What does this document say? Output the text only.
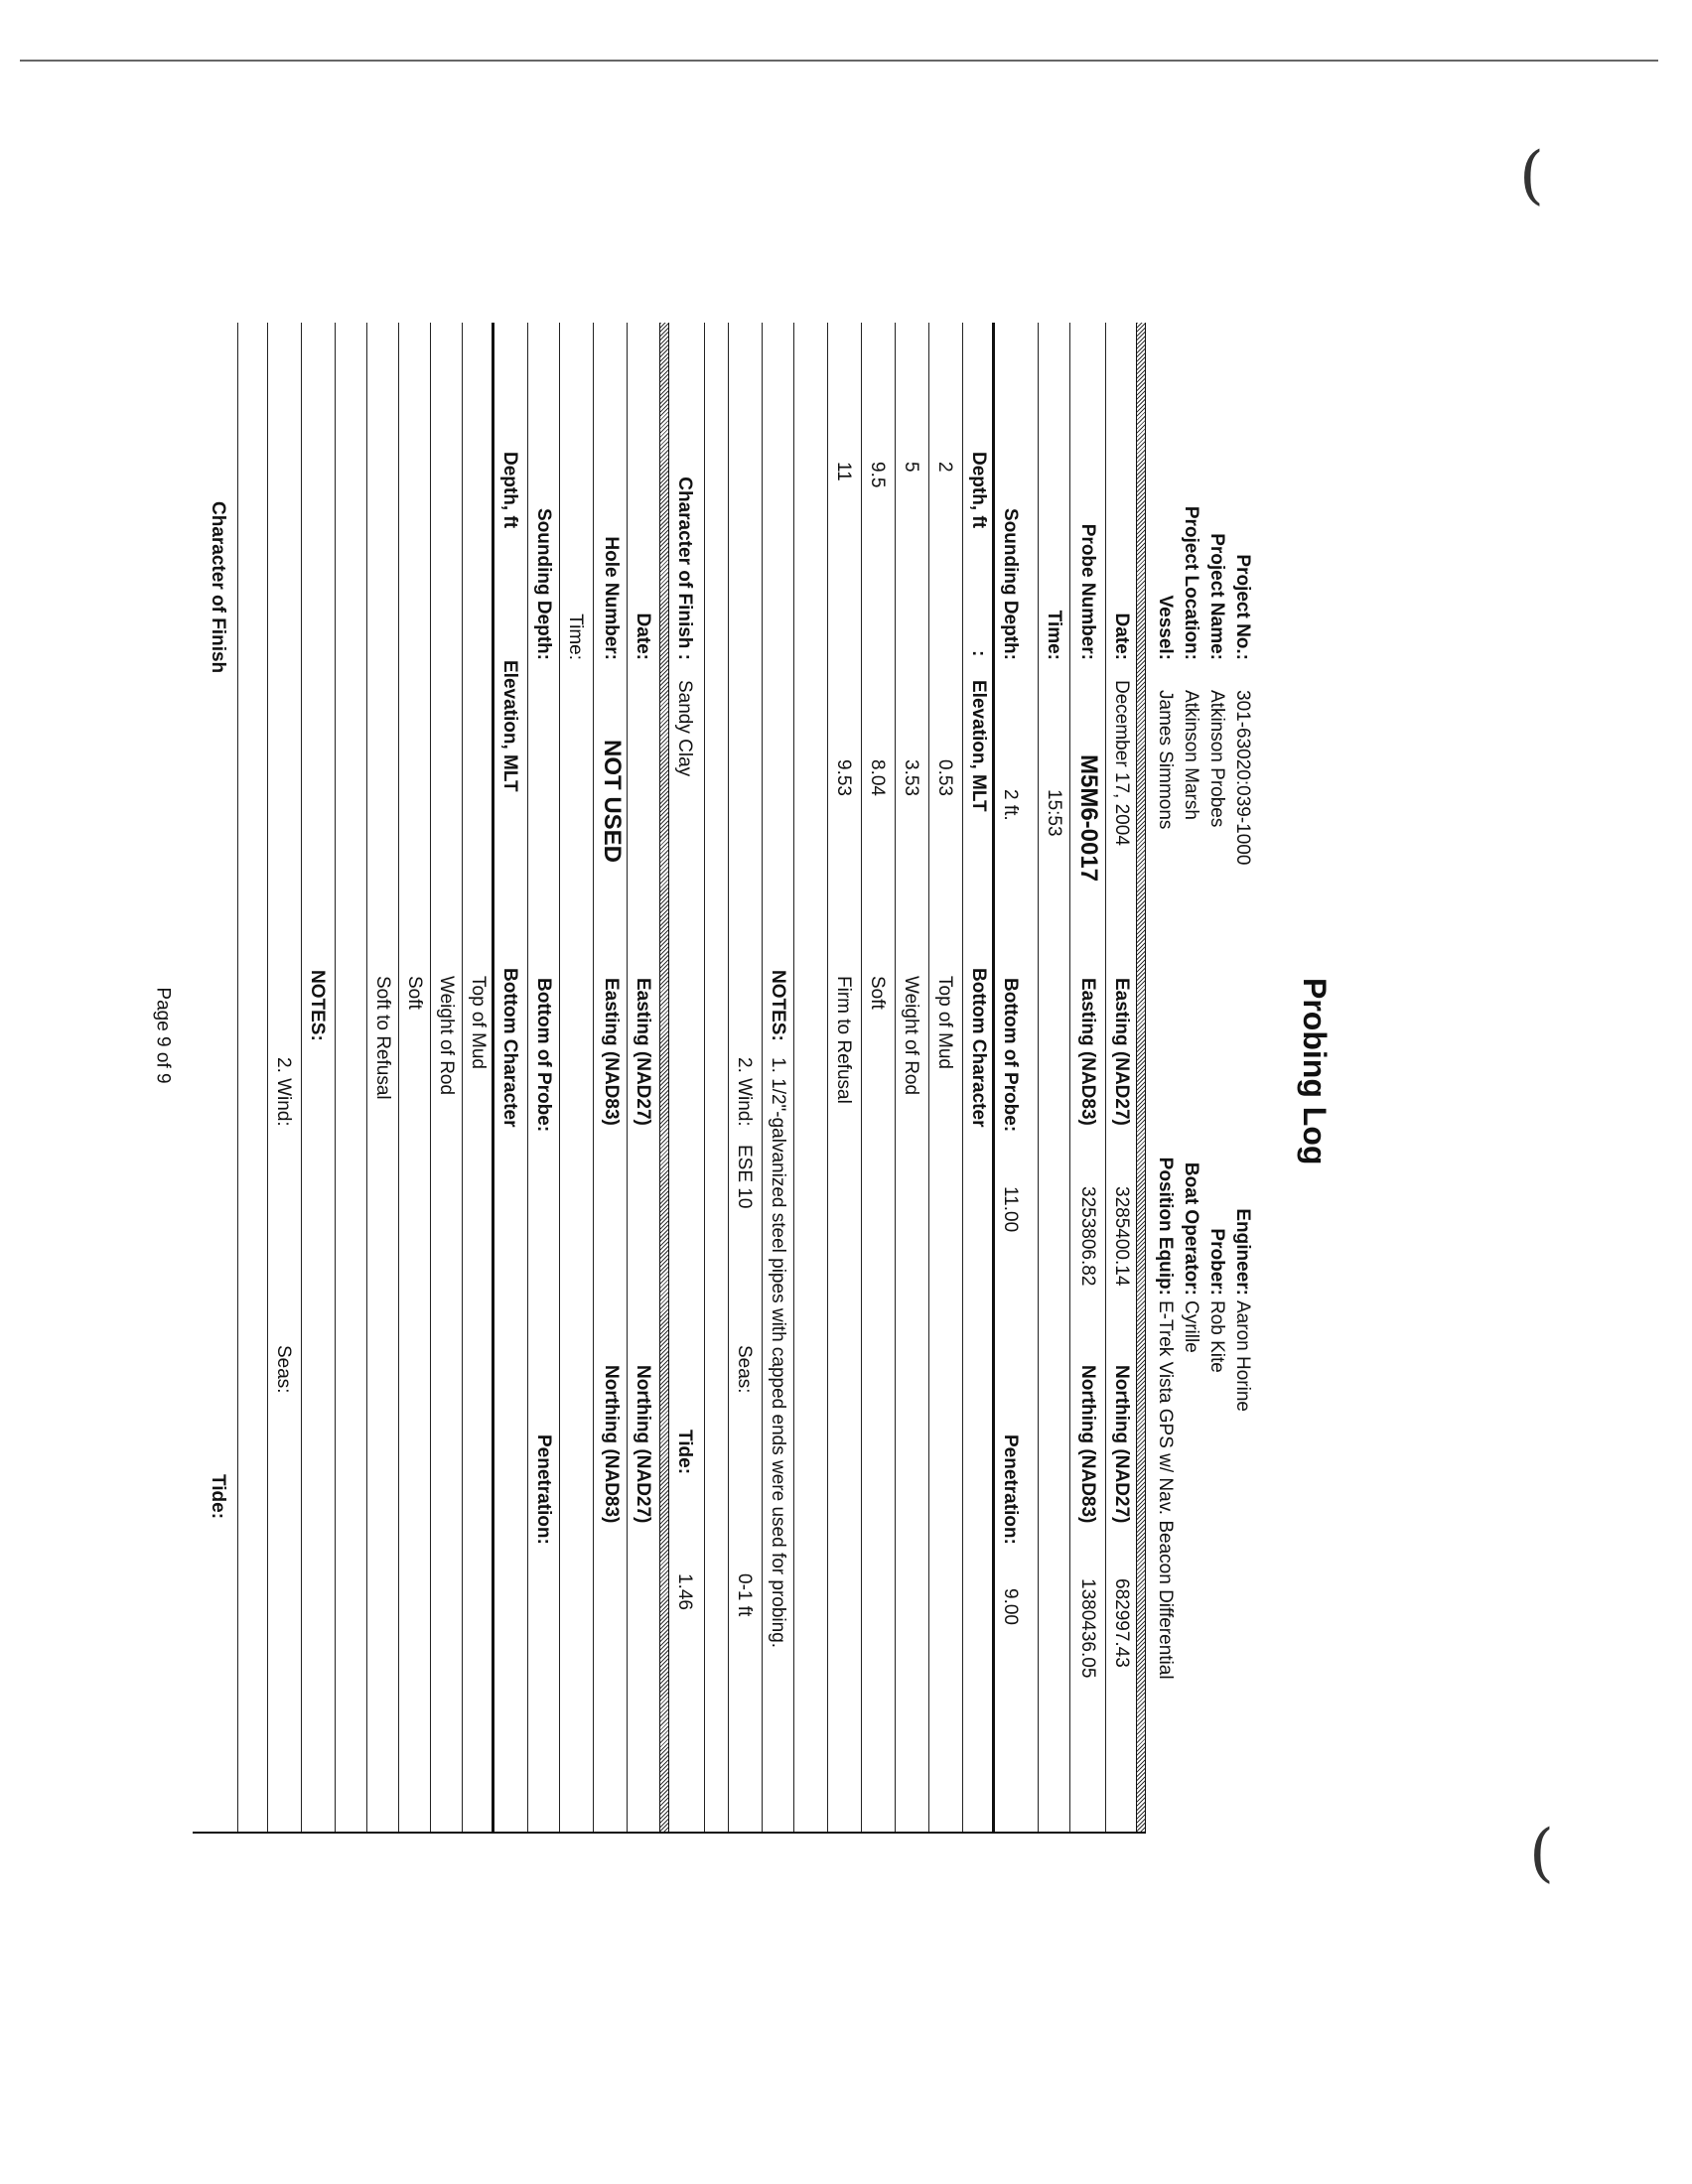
(
(
Probing Log
Project No.:
301-63020:039-1000
Project Name:
Atkinson Probes
Project Location:
Atkinson Marsh
Vessel:
James Simmons
Engineer:
Aaron Horine
Prober:
Rob Kite
Boat Operator:
Cyrille
Position Equip:
E-Trek Vista GPS w/ Nav. Beacon Differential
Date:
December 17, 2004
Easting (NAD27)
3285400.14
Northing (NAD27)
682997.43
Probe Number:
M5M6-0017
Easting (NAD83)
3253806.82
Northing (NAD83)
1380436.05
Time:
15:53
Sounding Depth:
2 ft.
Bottom of Probe:
11.00
Penetration:
9.00
Depth, ft
:
Elevation, MLT
Bottom Character
2
0.53
Top of Mud
5
3.53
Weight of Rod
9.5
8.04
Soft
11
9.53
Firm to Refusal
NOTES:
1. 1/2"-galvanized steel pipes with capped ends were used for probing.
2. Wind:
ESE 10
Seas:
0-1 ft
Character of Finish :
Sandy Clay
Tide:
1.46
Date:
Easting (NAD27)
Northing (NAD27)
Hole Number:
NOT USED
Easting (NAD83)
Northing (NAD83)
Time:
Sounding Depth:
Bottom of Probe:
Penetration:
Depth, ft
Elevation, MLT
Bottom Character
Top of Mud
Weight of Rod
Soft
Soft to Refusal
NOTES:
2. Wind:
Seas:
Character of Finish
Tide:
Page 9 of 9
